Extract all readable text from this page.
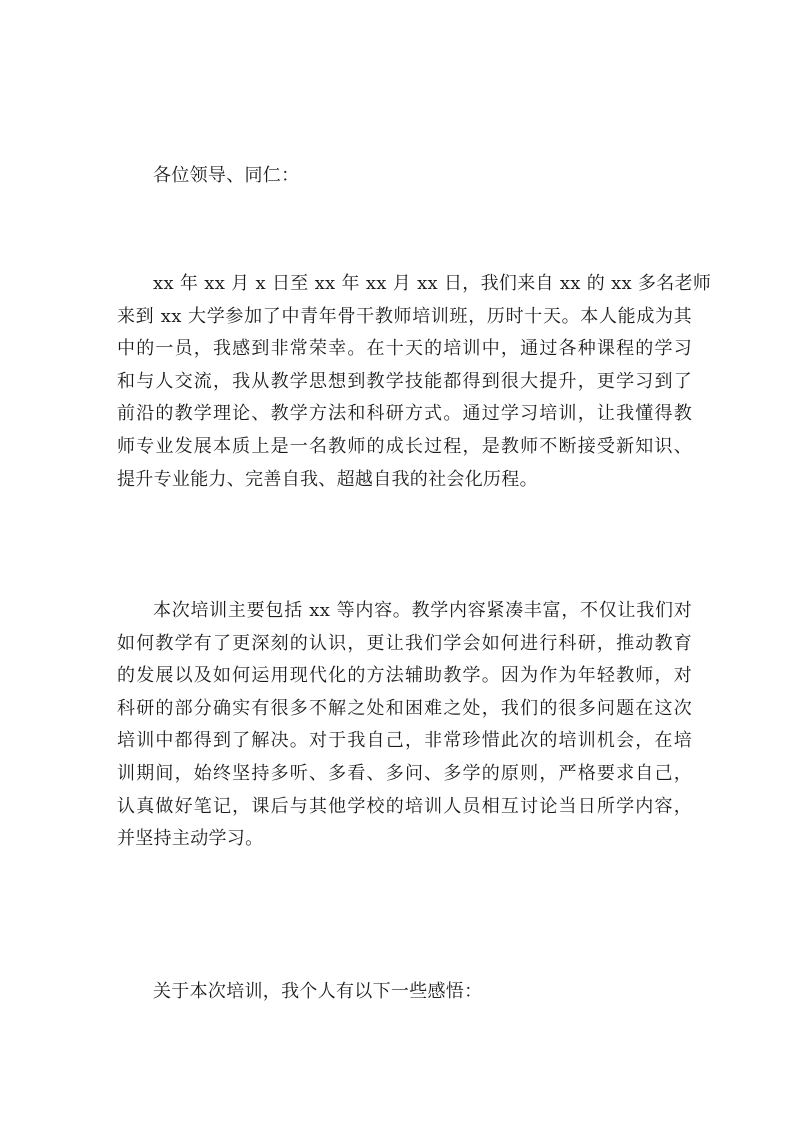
各位领导、同仁：
xx 年 xx 月 x 日至 xx 年 xx 月 xx 日，我们来自 xx 的 xx 多名老师
来到 xx 大学参加了中青年骨干教师培训班，历时十天。本人能成为其
中的一员，我感到非常荣幸。在十天的培训中，通过各种课程的学习
和与人交流，我从教学思想到教学技能都得到很大提升，更学习到了
前沿的教学理论、教学方法和科研方式。通过学习培训，让我懂得教
师专业发展本质上是一名教师的成长过程，是教师不断接受新知识、
提升专业能力、完善自我、超越自我的社会化历程。
本次培训主要包括 xx 等内容。教学内容紧凑丰富，不仅让我们对
如何教学有了更深刻的认识，更让我们学会如何进行科研，推动教育
的发展以及如何运用现代化的方法辅助教学。因为作为年轻教师，对
科研的部分确实有很多不解之处和困难之处，我们的很多问题在这次
培训中都得到了解决。对于我自己，非常珍惜此次的培训机会，在培
训期间，始终坚持多听、多看、多问、多学的原则，严格要求自己，
认真做好笔记，课后与其他学校的培训人员相互讨论当日所学内容，
并坚持主动学习。
关于本次培训，我个人有以下一些感悟：
